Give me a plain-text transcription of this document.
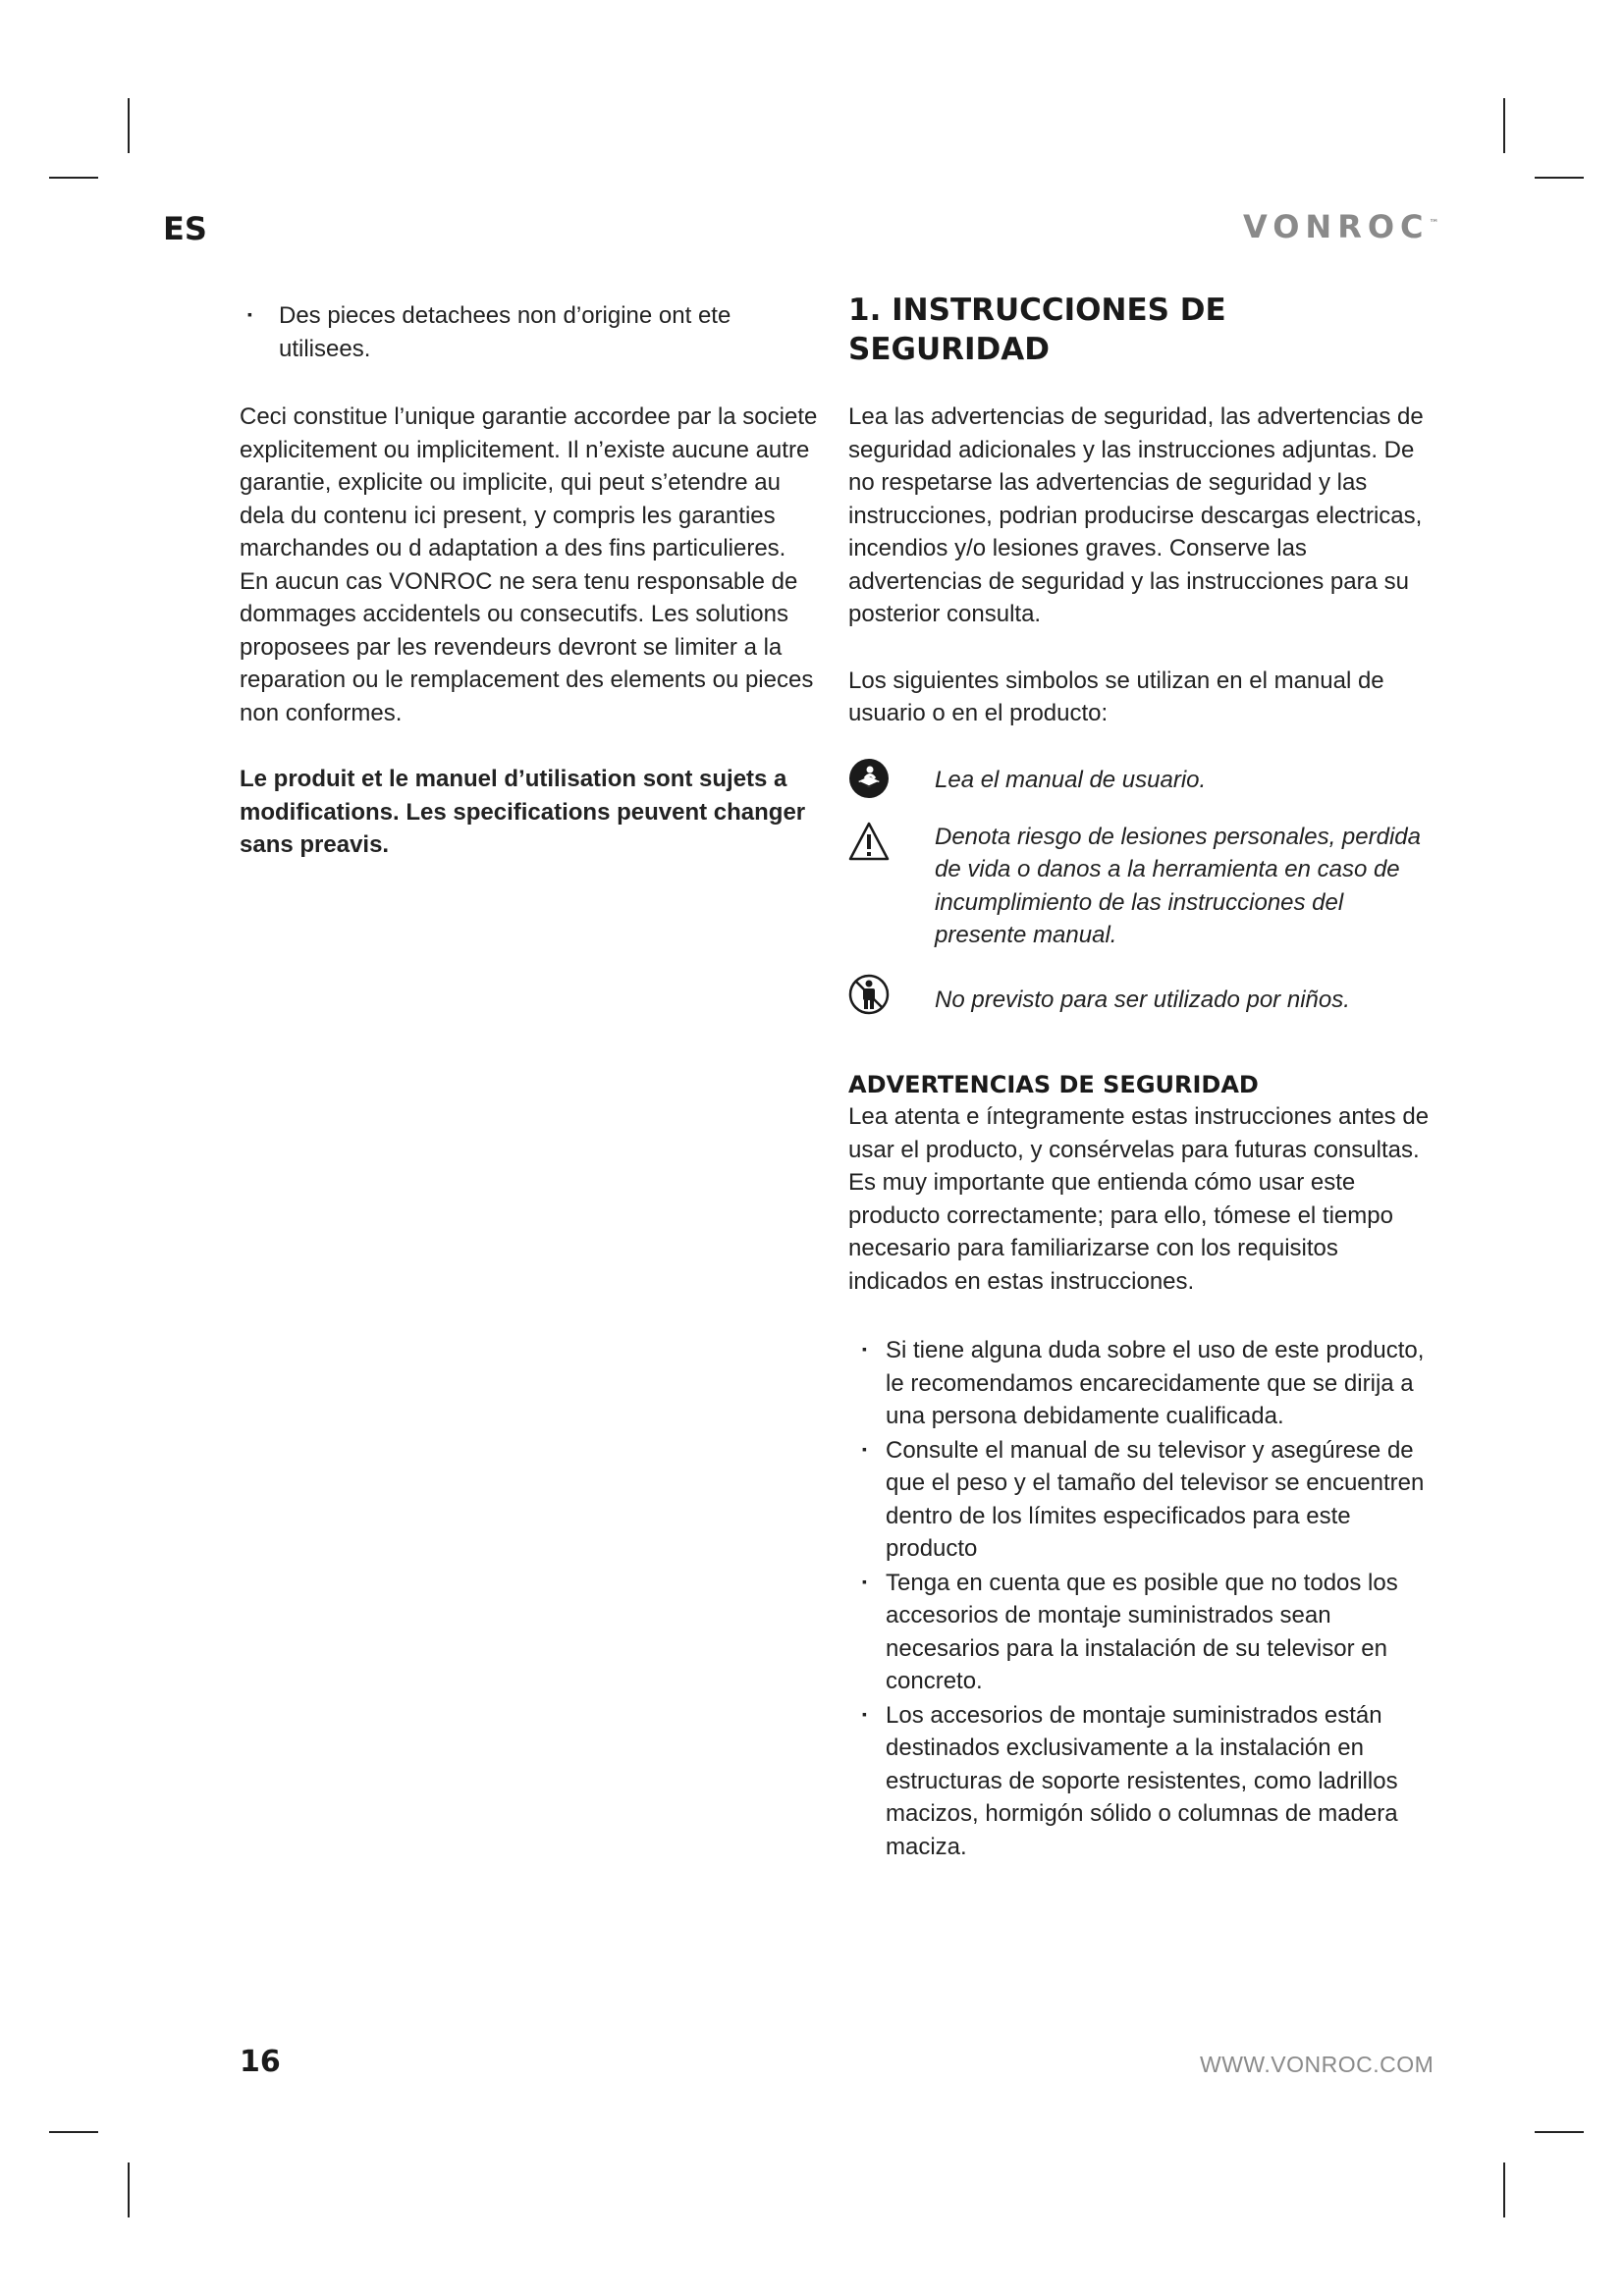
ES	VONROC™

▪ Des pieces detachees non d’origine ont ete utilisees.

Ceci constitue l’unique garantie accordee par la societe explicitement ou implicitement. Il n’existe aucune autre garantie, explicite ou implicite, qui peut s’etendre au dela du contenu ici present, y compris les garanties marchandes ou d adaptation a des fins particulieres. En aucun cas VONROC ne sera tenu responsable de dommages accidentels ou consecutifs. Les solutions proposees par les revendeurs devront se limiter a la reparation ou le remplacement des elements ou pieces non conformes.

Le produit et le manuel d’utilisation sont sujets a modifications. Les specifications peuvent changer sans preavis.

1. INSTRUCCIONES DE SEGURIDAD

Lea las advertencias de seguridad, las advertencias de seguridad adicionales y las instrucciones adjuntas. De no respetarse las advertencias de seguridad y las instrucciones, podrian producirse descargas electricas, incendios y/o lesiones graves. Conserve las advertencias de seguridad y las instrucciones para su posterior consulta.

Los siguientes simbolos se utilizan en el manual de usuario o en el producto:

Lea el manual de usuario.
Denota riesgo de lesiones personales, perdida de vida o danos a la herramienta en caso de incumplimiento de las instrucciones del presente manual.
No previsto para ser utilizado por niños.
ADVERTENCIAS DE SEGURIDAD

Lea atenta e íntegramente estas instrucciones antes de usar el producto, y consérvelas para futuras consultas. Es muy importante que entienda cómo usar este producto correctamente; para ello, tómese el tiempo necesario para familiarizarse con los requisitos indicados en estas instrucciones.

▪ Si tiene alguna duda sobre el uso de este producto, le recomendamos encarecidamente que se dirija a una persona debidamente cualificada.

▪ Consulte el manual de su televisor y asegúrese de que el peso y el tamaño del televisor se encuentren dentro de los límites especificados para este producto

▪ Tenga en cuenta que es posible que no todos los accesorios de montaje suministrados sean necesarios para la instalación de su televisor en concreto.

▪ Los accesorios de montaje suministrados están destinados exclusivamente a la instalación en estructuras de soporte resistentes, como ladrillos macizos, hormigón sólido o columnas de madera maciza.

16	WWW.VONROC.COM
